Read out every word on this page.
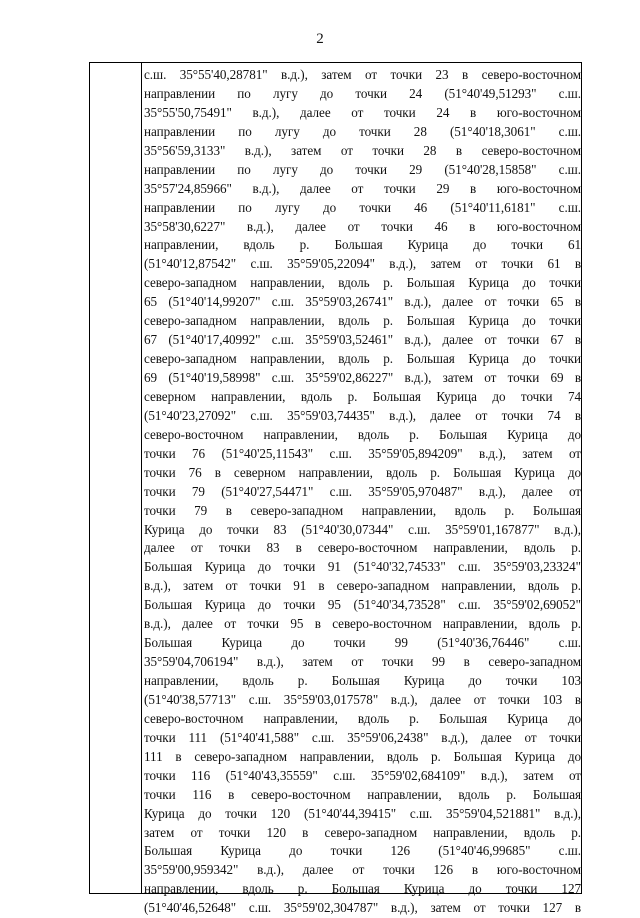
2
с.ш. 35°55'40,28781" в.д.), затем от точки 23 в северо-восточном
направлении по лугу до точки 24 (51°40'49,51293" с.ш.
35°55'50,75491" в.д.), далее от точки 24 в юго-восточном
направлении по лугу до точки 28 (51°40'18,3061" с.ш.
35°56'59,3133" в.д.), затем от точки 28 в северо-восточном
направлении по лугу до точки 29 (51°40'28,15858" с.ш.
35°57'24,85966" в.д.), далее от точки 29 в юго-восточном
направлении по лугу до точки 46 (51°40'11,6181" с.ш.
35°58'30,6227" в.д.), далее от точки 46 в юго-восточном
направлении, вдоль р. Большая Курица до точки 61
(51°40'12,87542" с.ш. 35°59'05,22094" в.д.), затем от точки 61 в
северо-западном направлении, вдоль р. Большая Курица до точки
65 (51°40'14,99207" с.ш. 35°59'03,26741" в.д.), далее от точки 65 в
северо-западном направлении, вдоль р. Большая Курица до точки
67 (51°40'17,40992" с.ш. 35°59'03,52461" в.д.), далее от точки 67 в
северо-западном направлении, вдоль р. Большая Курица до точки
69 (51°40'19,58998" с.ш. 35°59'02,86227" в.д.), затем от точки 69 в
северном направлении, вдоль р. Большая Курица до точки 74
(51°40'23,27092" с.ш. 35°59'03,74435" в.д.), далее от точки 74 в
северо-восточном направлении, вдоль р. Большая Курица до
точки 76 (51°40'25,11543" с.ш. 35°59'05,894209" в.д.), затем от
точки 76 в северном направлении, вдоль р. Большая Курица до
точки 79 (51°40'27,54471" с.ш. 35°59'05,970487" в.д.), далее от
точки 79 в северо-западном направлении, вдоль р. Большая
Курица до точки 83 (51°40'30,07344" с.ш. 35°59'01,167877" в.д.),
далее от точки 83 в северо-восточном направлении, вдоль р.
Большая Курица до точки 91 (51°40'32,74533" с.ш. 35°59'03,23324"
в.д.), затем от точки 91 в северо-западном направлении, вдоль р.
Большая Курица до точки 95 (51°40'34,73528" с.ш. 35°59'02,69052"
в.д.), далее от точки 95 в северо-восточном направлении, вдоль р.
Большая Курица до точки 99 (51°40'36,76446" с.ш.
35°59'04,706194" в.д.), затем от точки 99 в северо-западном
направлении, вдоль р. Большая Курица до точки 103
(51°40'38,57713" с.ш. 35°59'03,017578" в.д.), далее от точки 103 в
северо-восточном направлении, вдоль р. Большая Курица до
точки 111 (51°40'41,588" с.ш. 35°59'06,2438" в.д.), далее от точки
111 в северо-западном направлении, вдоль р. Большая Курица до
точки 116 (51°40'43,35559" с.ш. 35°59'02,684109" в.д.), затем от
точки 116 в северо-восточном направлении, вдоль р. Большая
Курица до точки 120 (51°40'44,39415" с.ш. 35°59'04,521881" в.д.),
затем от точки 120 в северо-западном направлении, вдоль р.
Большая Курица до точки 126 (51°40'46,99685" с.ш.
35°59'00,959342" в.д.), далее от точки 126 в юго-восточном
направлении, вдоль р. Большая Курица до точки 127
(51°40'46,52648" с.ш. 35°59'02,304787" в.д.), затем от точки 127 в
